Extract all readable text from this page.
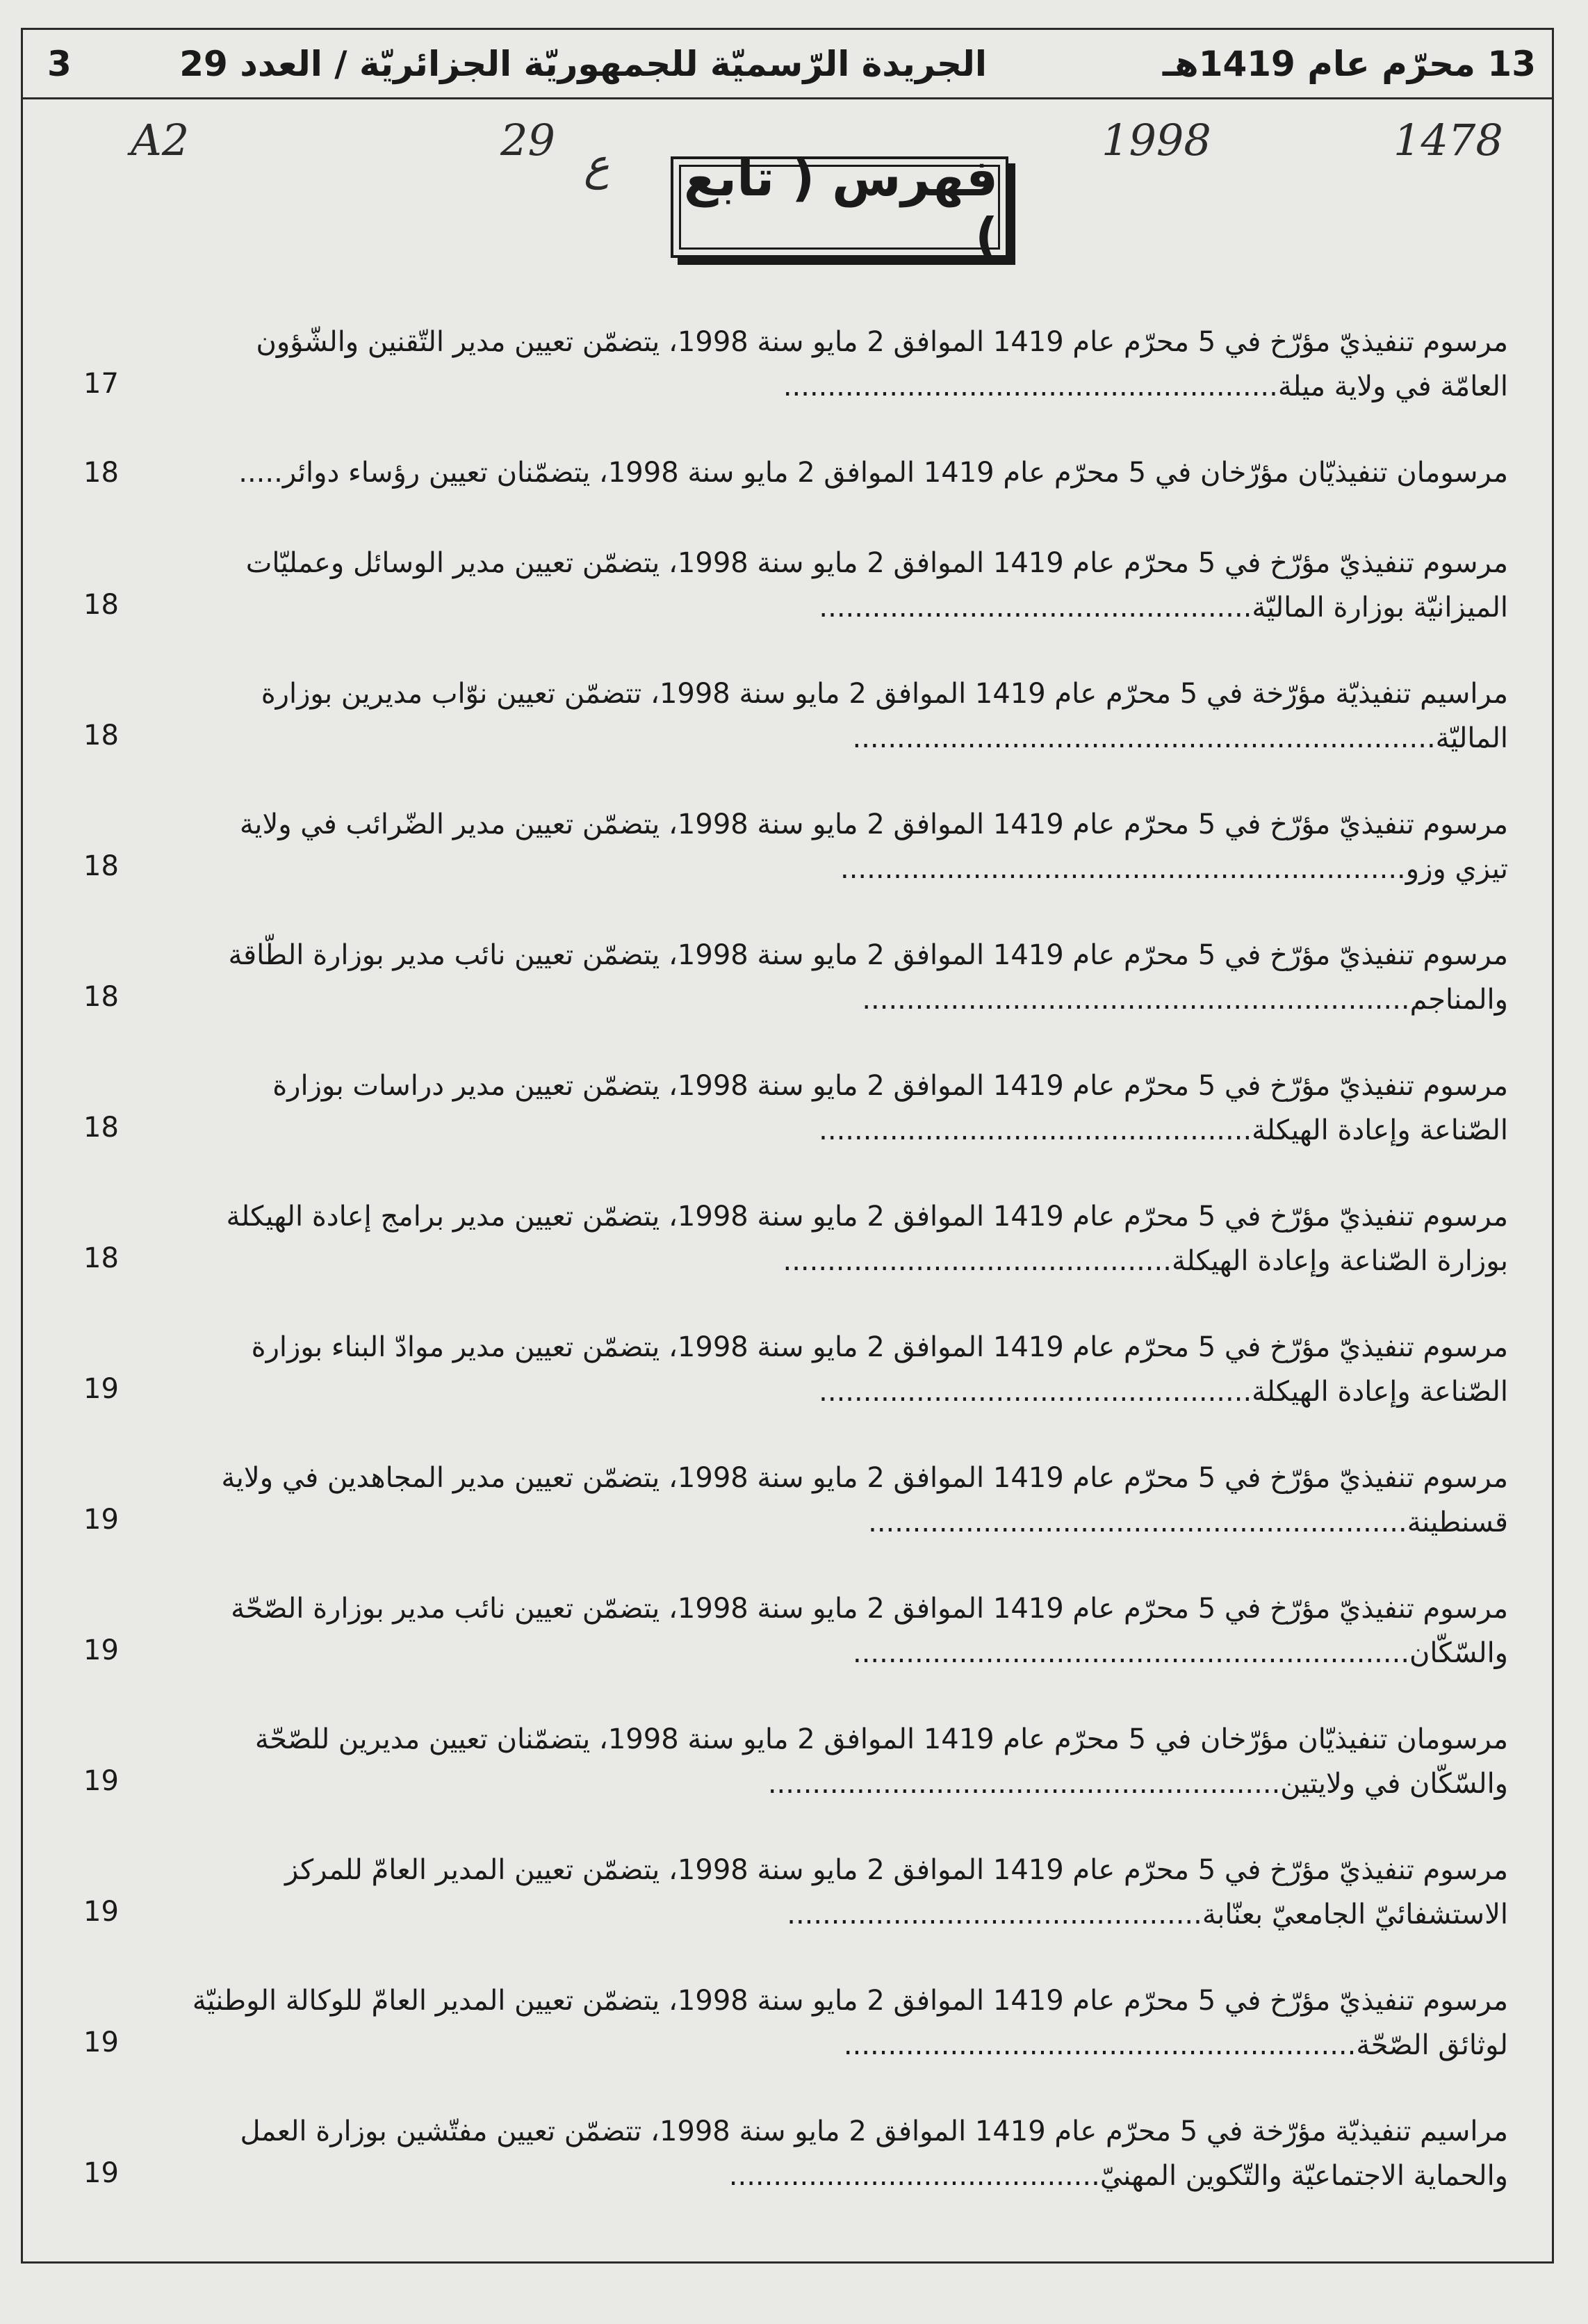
13 محرّم عام 1419هـ
الجريدة الرّسميّة للجمهوريّة الجزائريّة / العدد 29
3
A2	29 ع	1998	1478
فهرس ( تابع )
مرسوم تنفيذيّ مؤرّخ في 5 محرّم عام 1419 الموافق 2 مايو سنة 1998، يتضمّن تعيين مدير التّقنين والشّؤون
العامّة في ولاية ميلة........................................................
17
مرسومان تنفيذيّان مؤرّخان في 5 محرّم عام 1419 الموافق 2 مايو سنة 1998، يتضمّنان تعيين رؤساء دوائر.....
18
مرسوم تنفيذيّ مؤرّخ في 5 محرّم عام 1419 الموافق 2 مايو سنة 1998، يتضمّن تعيين مدير الوسائل وعمليّات
الميزانيّة بوزارة الماليّة.................................................
18
مراسيم تنفيذيّة مؤرّخة في 5 محرّم عام 1419 الموافق 2 مايو سنة 1998، تتضمّن تعيين نوّاب مديرين بوزارة
الماليّة..................................................................
18
مرسوم تنفيذيّ مؤرّخ في 5 محرّم عام 1419 الموافق 2 مايو سنة 1998، يتضمّن تعيين مدير الضّرائب في ولاية
تيزي وزو................................................................
18
مرسوم تنفيذيّ مؤرّخ في 5 محرّم عام 1419 الموافق 2 مايو سنة 1998، يتضمّن تعيين نائب مدير بوزارة الطّاقة
والمناجم..............................................................
18
مرسوم تنفيذيّ مؤرّخ في 5 محرّم عام 1419 الموافق 2 مايو سنة 1998، يتضمّن تعيين مدير دراسات بوزارة
الصّناعة وإعادة الهيكلة.................................................
18
مرسوم تنفيذيّ مؤرّخ في 5 محرّم عام 1419 الموافق 2 مايو سنة 1998، يتضمّن تعيين مدير برامج إعادة الهيكلة
بوزارة الصّناعة وإعادة الهيكلة............................................
18
مرسوم تنفيذيّ مؤرّخ في 5 محرّم عام 1419 الموافق 2 مايو سنة 1998، يتضمّن تعيين مدير موادّ البناء بوزارة
الصّناعة وإعادة الهيكلة.................................................
19
مرسوم تنفيذيّ مؤرّخ في 5 محرّم عام 1419 الموافق 2 مايو سنة 1998، يتضمّن تعيين مدير المجاهدين في ولاية
قسنطينة.............................................................
19
مرسوم تنفيذيّ مؤرّخ في 5 محرّم عام 1419 الموافق 2 مايو سنة 1998، يتضمّن تعيين نائب مدير بوزارة الصّحّة
والسّكّان...............................................................
19
مرسومان تنفيذيّان مؤرّخان في 5 محرّم عام 1419 الموافق 2 مايو سنة 1998، يتضمّنان تعيين مديرين للصّحّة
والسّكّان في ولايتين..........................................................
19
مرسوم تنفيذيّ مؤرّخ في 5 محرّم عام 1419 الموافق 2 مايو سنة 1998، يتضمّن تعيين المدير العامّ للمركز
الاستشفائيّ الجامعيّ بعنّابة...............................................
19
مرسوم تنفيذيّ مؤرّخ في 5 محرّم عام 1419 الموافق 2 مايو سنة 1998، يتضمّن تعيين المدير العامّ للوكالة الوطنيّة
لوثائق الصّحّة..........................................................
19
مراسيم تنفيذيّة مؤرّخة في 5 محرّم عام 1419 الموافق 2 مايو سنة 1998، تتضمّن تعيين مفتّشين بوزارة العمل
والحماية الاجتماعيّة والتّكوين المهنيّ..........................................
19
